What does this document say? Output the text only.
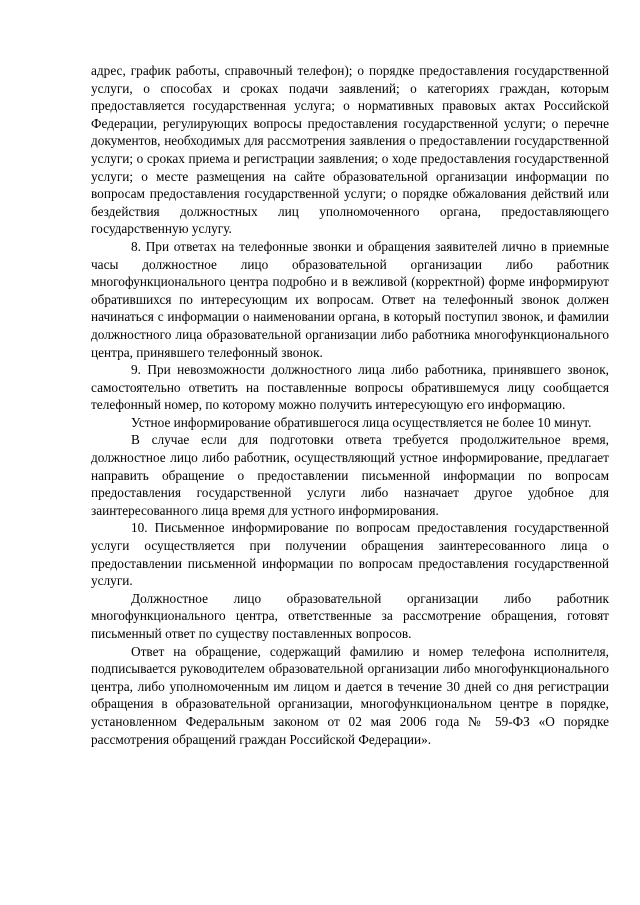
адрес, график работы, справочный телефон); о порядке предоставления государственной услуги, о способах и сроках подачи заявлений; о категориях граждан, которым предоставляется государственная услуга; о нормативных правовых актах Российской Федерации, регулирующих вопросы предоставления государственной услуги; о перечне документов, необходимых для рассмотрения заявления о предоставлении государственной услуги; о сроках приема и регистрации заявления; о ходе предоставления государственной услуги; о месте размещения на сайте образовательной организации информации по вопросам предоставления государственной услуги; о порядке обжалования действий или бездействия должностных лиц уполномоченного органа, предоставляющего государственную услугу.

8. При ответах на телефонные звонки и обращения заявителей лично в приемные часы должностное лицо образовательной организации либо работник многофункционального центра подробно и в вежливой (корректной) форме информируют обратившихся по интересующим их вопросам. Ответ на телефонный звонок должен начинаться с информации о наименовании органа, в который поступил звонок, и фамилии должностного лица образовательной организации либо работника многофункционального центра, принявшего телефонный звонок.

9. При невозможности должностного лица либо работника, принявшего звонок, самостоятельно ответить на поставленные вопросы обратившемуся лицу сообщается телефонный номер, по которому можно получить интересующую его информацию.

Устное информирование обратившегося лица осуществляется не более 10 минут.

В случае если для подготовки ответа требуется продолжительное время, должностное лицо либо работник, осуществляющий устное информирование, предлагает направить обращение о предоставлении письменной информации по вопросам предоставления государственной услуги либо назначает другое удобное для заинтересованного лица время для устного информирования.

10. Письменное информирование по вопросам предоставления государственной услуги осуществляется при получении обращения заинтересованного лица о предоставлении письменной информации по вопросам предоставления государственной услуги.

Должностное лицо образовательной организации либо работник многофункционального центра, ответственные за рассмотрение обращения, готовят письменный ответ по существу поставленных вопросов.

Ответ на обращение, содержащий фамилию и номер телефона исполнителя, подписывается руководителем образовательной организации либо многофункционального центра, либо уполномоченным им лицом и дается в течение 30 дней со дня регистрации обращения в образовательной организации, многофункциональном центре в порядке, установленном Федеральным законом от 02 мая 2006 года № 59-ФЗ «О порядке рассмотрения обращений граждан Российской Федерации».
